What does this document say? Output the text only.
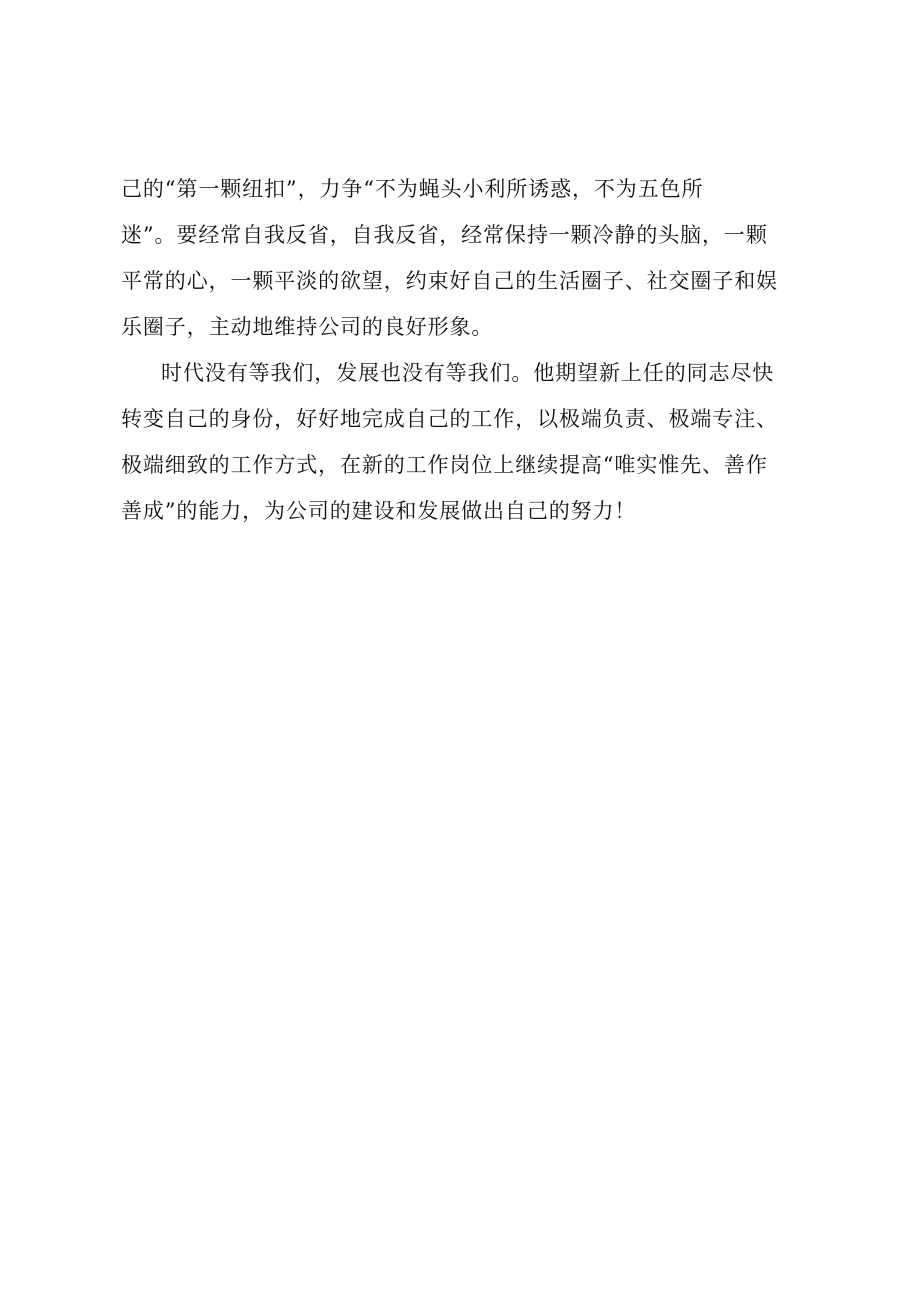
己的“第一颗纽扣”，力争“不为蝇头小利所诱惑，不为五色所
迷”。要经常自我反省，自我反省，经常保持一颗冷静的头脑，一颗
平常的心，一颗平淡的欲望，约束好自己的生活圈子、社交圈子和娱
乐圈子，主动地维持公司的良好形象。
时代没有等我们，发展也没有等我们。他期望新上任的同志尽快
转变自己的身份，好好地完成自己的工作，以极端负责、极端专注、
极端细致的工作方式，在新的工作岗位上继续提高“唯实惟先、善作
善成”的能力，为公司的建设和发展做出自己的努力！
